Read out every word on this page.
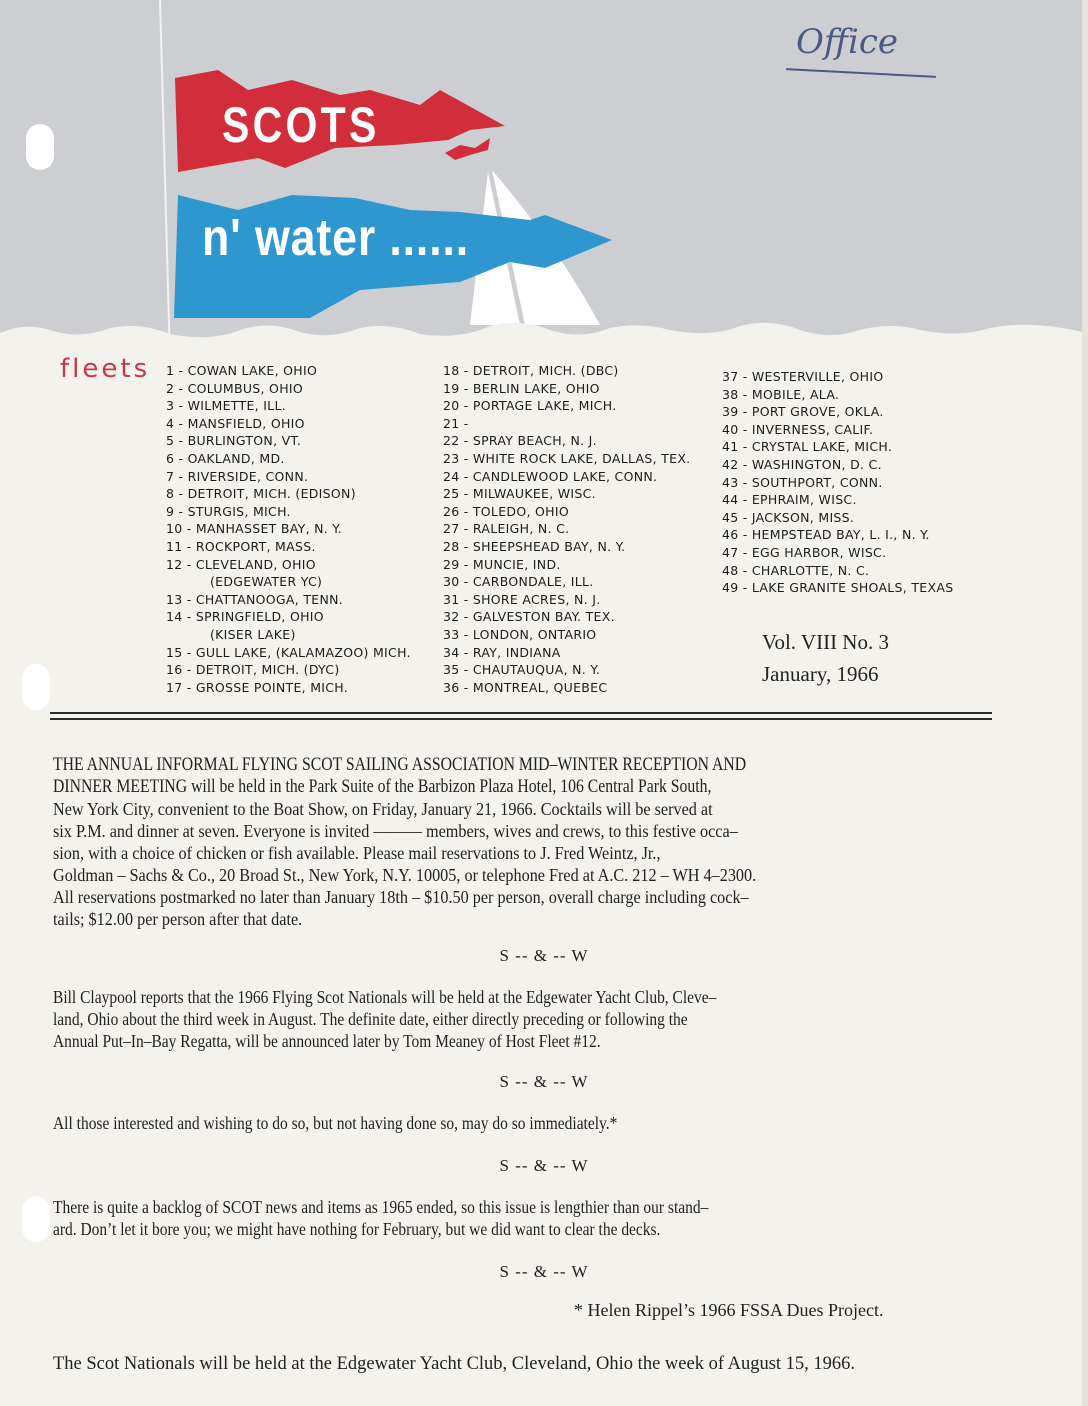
SCOTS
n' water ......
Office
fleets 1 - COWAN LAKE, OHIO
2 - COLUMBUS, OHIO
3 - WILMETTE, ILL.
4 - MANSFIELD, OHIO
5 - BURLINGTON, VT.
6 - OAKLAND, MD.
7 - RIVERSIDE, CONN.
8 - DETROIT, MICH. (EDISON)
9 - STURGIS, MICH.
10 - MANHASSET BAY, N. Y.
11 - ROCKPORT, MASS.
12 - CLEVELAND, OHIO
(EDGEWATER YC)
13 - CHATTANOOGA, TENN.
14 - SPRINGFIELD, OHIO
(KISER LAKE)
15 - GULL LAKE, (KALAMAZOO) MICH.
16 - DETROIT, MICH. (DYC)
17 - GROSSE POINTE, MICH.
18 - DETROIT, MICH. (DBC)
19 - BERLIN LAKE, OHIO
20 - PORTAGE LAKE, MICH.
21 -
22 - SPRAY BEACH, N. J.
23 - WHITE ROCK LAKE, DALLAS, TEX.
24 - CANDLEWOOD LAKE, CONN.
25 - MILWAUKEE, WISC.
26 - TOLEDO, OHIO
27 - RALEIGH, N. C.
28 - SHEEPSHEAD BAY, N. Y.
29 - MUNCIE, IND.
30 - CARBONDALE, ILL.
31 - SHORE ACRES, N. J.
32 - GALVESTON BAY. TEX.
33 - LONDON, ONTARIO
34 - RAY, INDIANA
35 - CHAUTAUQUA, N. Y.
36 - MONTREAL, QUEBEC
37 - WESTERVILLE, OHIO
38 - MOBILE, ALA.
39 - PORT GROVE, OKLA.
40 - INVERNESS, CALIF.
41 - CRYSTAL LAKE, MICH.
42 - WASHINGTON, D. C.
43 - SOUTHPORT, CONN.
44 - EPHRAIM, WISC.
45 - JACKSON, MISS.
46 - HEMPSTEAD BAY, L. I., N. Y.
47 - EGG HARBOR, WISC.
48 - CHARLOTTE, N. C.
49 - LAKE GRANITE SHOALS, TEXAS
Vol. VIII No. 3
January, 1966
THE ANNUAL INFORMAL FLYING SCOT SAILING ASSOCIATION MID–WINTER RECEPTION AND
DINNER MEETING will be held in the Park Suite of the Barbizon Plaza Hotel, 106 Central Park South,
New York City, convenient to the Boat Show, on Friday, January 21, 1966. Cocktails will be served at
six P.M. and dinner at seven. Everyone is invited ——— members, wives and crews, to this festive occa–
sion, with a choice of chicken or fish available. Please mail reservations to J. Fred Weintz, Jr.,
Goldman – Sachs & Co., 20 Broad St., New York, N.Y. 10005, or telephone Fred at A.C. 212 – WH 4–2300.
All reservations postmarked no later than January 18th – $10.50 per person, overall charge including cock–
tails; $12.00 per person after that date.
S -- & -- W
Bill Claypool reports that the 1966 Flying Scot Nationals will be held at the Edgewater Yacht Club, Cleve–
land, Ohio about the third week in August. The definite date, either directly preceding or following the
Annual Put–In–Bay Regatta, will be announced later by Tom Meaney of Host Fleet #12.
S -- & -- W
All those interested and wishing to do so, but not having done so, may do so immediately.*
S -- & -- W
There is quite a backlog of SCOT news and items as 1965 ended, so this issue is lengthier than our stand–
ard. Don’t let it bore you; we might have nothing for February, but we did want to clear the decks.
S -- & -- W
* Helen Rippel’s 1966 FSSA Dues Project.
The Scot Nationals will be held at the Edgewater Yacht Club, Cleveland, Ohio the week of August 15, 1966.
